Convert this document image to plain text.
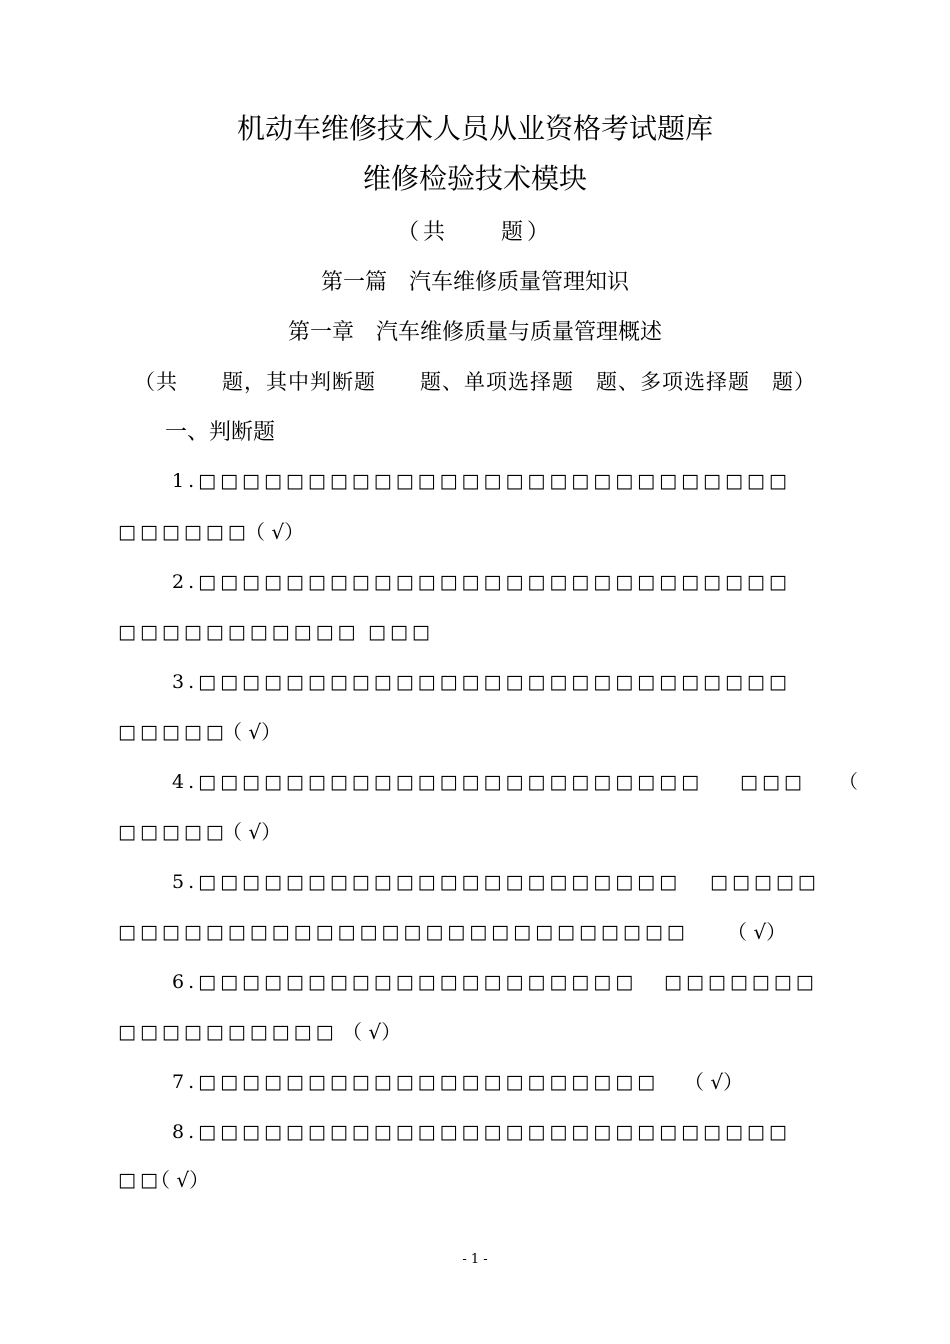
机动车维修技术人员从业资格考试题库
维修检验技术模块
（共　　题）
第一篇　汽车维修质量管理知识
第一章　汽车维修质量与质量管理概述
（共　　题，其中判断题　　题、单项选择题　题、多项选择题　题）
一、判断题
1.□□□□□□□□□□□□□□□□□□□□□□□□□□□
□□□□□□
（ √）
2.□□□□□□□□□□□□□□□□□□□□□□□□□□□
□□□□□□□□□□□ □□□
3.□□□□□□□□□□□□□□□□□□□□□□□□□□□
□□□□□
（ √）
4.□□□□□□□□□□□□□□□□□□□□□□□ □□□　 （
□□□□□
（ √）
5.□□□□□□□□□□□□□□□□□□□□□□ □□□□□
□□□□□□□□□□□□□□□□□□□□□□□□□□ （ √）
6.□□□□□□□□□□□□□□□□□□□□ □□□□□□□
□□□□□□□□□□ （ √）
7.□□□□□□□□□□□□□□□□□□□□□ （ √）
8.□□□□□□□□□□□□□□□□□□□□□□□□□□□
□□
（ √）
- 1 -
